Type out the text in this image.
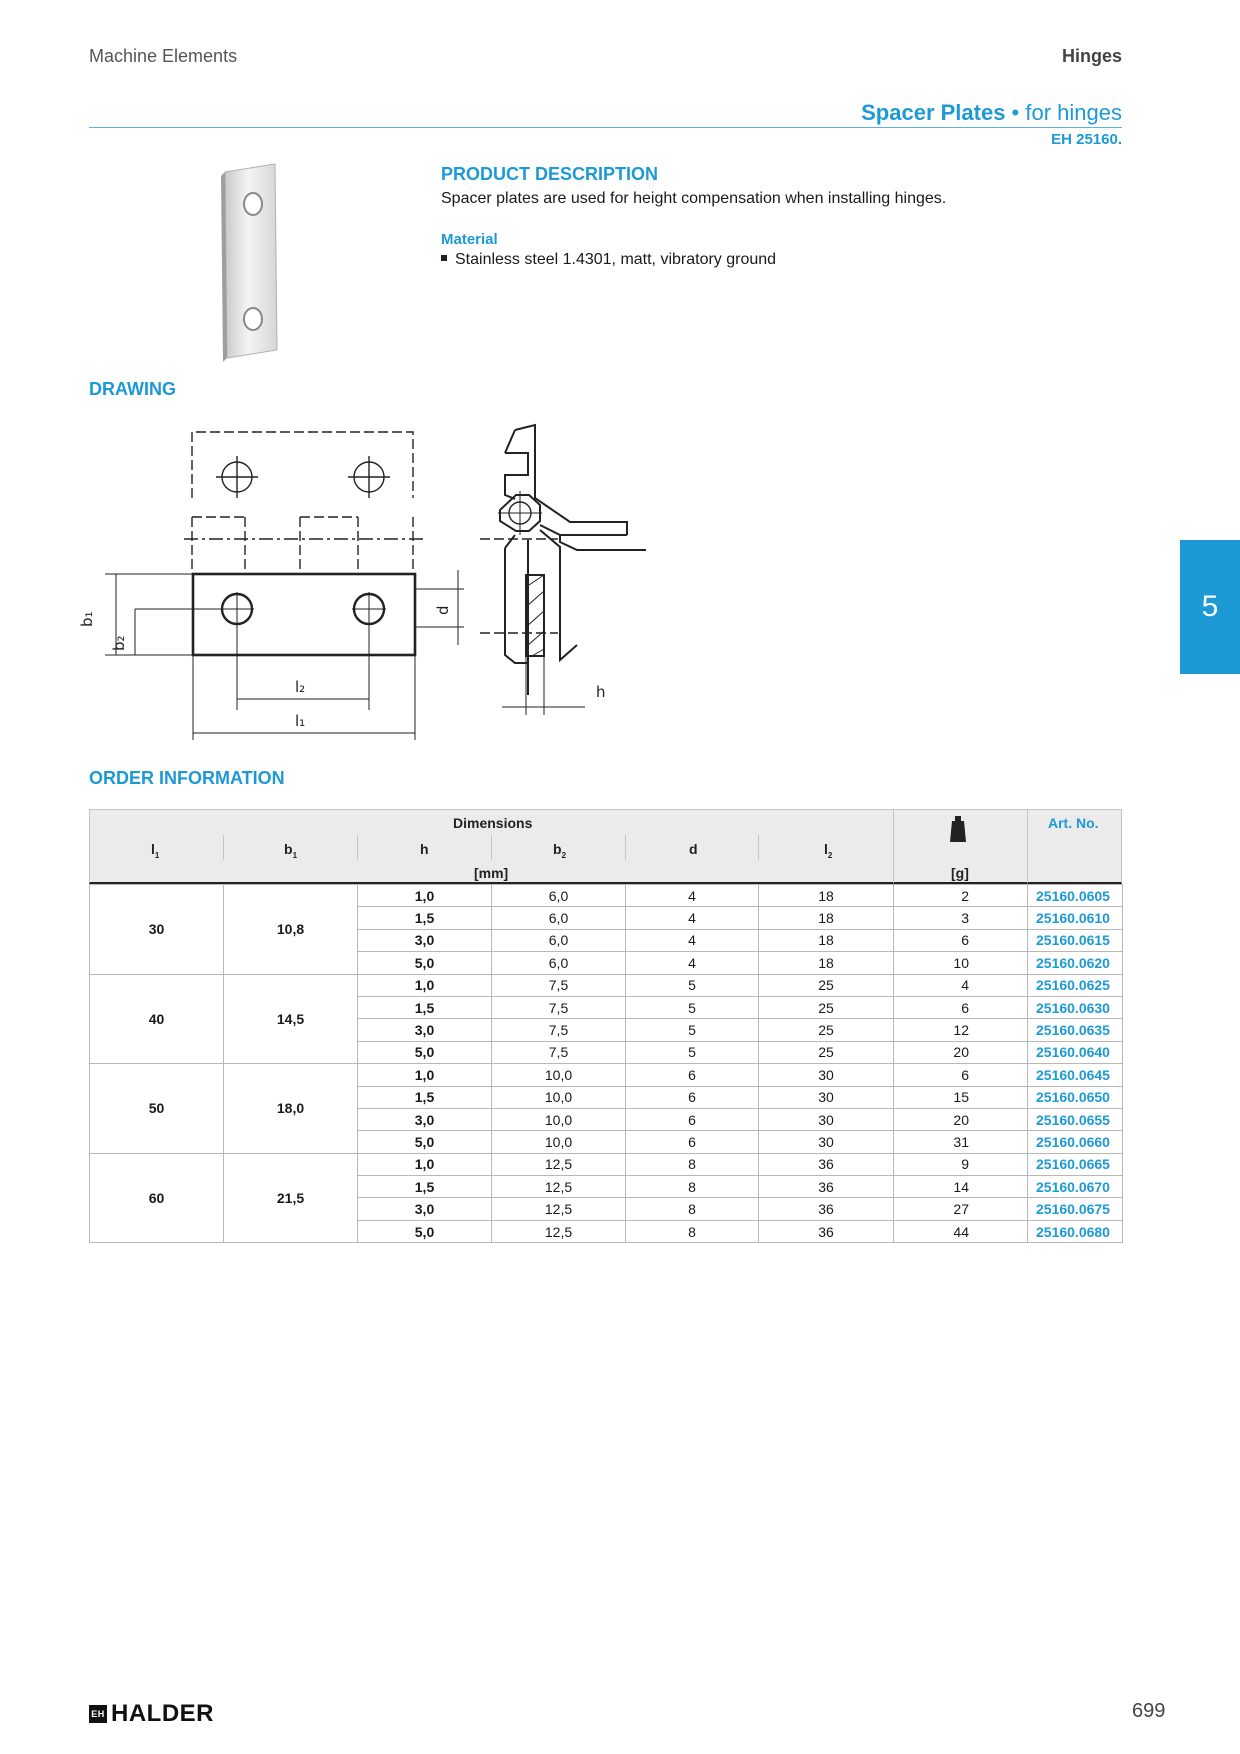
Machine Elements	Hinges
Spacer Plates • for hinges
EH 25160.
PRODUCT DESCRIPTION
Spacer plates are used for height compensation when installing hinges.
Material
Stainless steel 1.4301, matt, vibratory ground
DRAWING
b₁
b₂
d
l₂
l₁
h
ORDER INFORMATION
Dimensions
$l_1$	$b_1$	h	$b_2$	d	$l_2$
[mm]	[g]
Art. No.
30	10,8	1,0	6,0	4	18	2	25160.0605
		1,5	6,0	4	18	3	25160.0610
		3,0	6,0	4	18	6	25160.0615
		5,0	6,0	4	18	10	25160.0620
40	14,5	1,0	7,5	5	25	4	25160.0625
		1,5	7,5	5	25	6	25160.0630
		3,0	7,5	5	25	12	25160.0635
		5,0	7,5	5	25	20	25160.0640
50	18,0	1,0	10,0	6	30	6	25160.0645
		1,5	10,0	6	30	15	25160.0650
		3,0	10,0	6	30	20	25160.0655
		5,0	10,0	6	30	31	25160.0660
60	21,5	1,0	12,5	8	36	9	25160.0665
		1,5	12,5	8	36	14	25160.0670
		3,0	12,5	8	36	27	25160.0675
		5,0	12,5	8	36	44	25160.0680
5
EH HALDER	699
